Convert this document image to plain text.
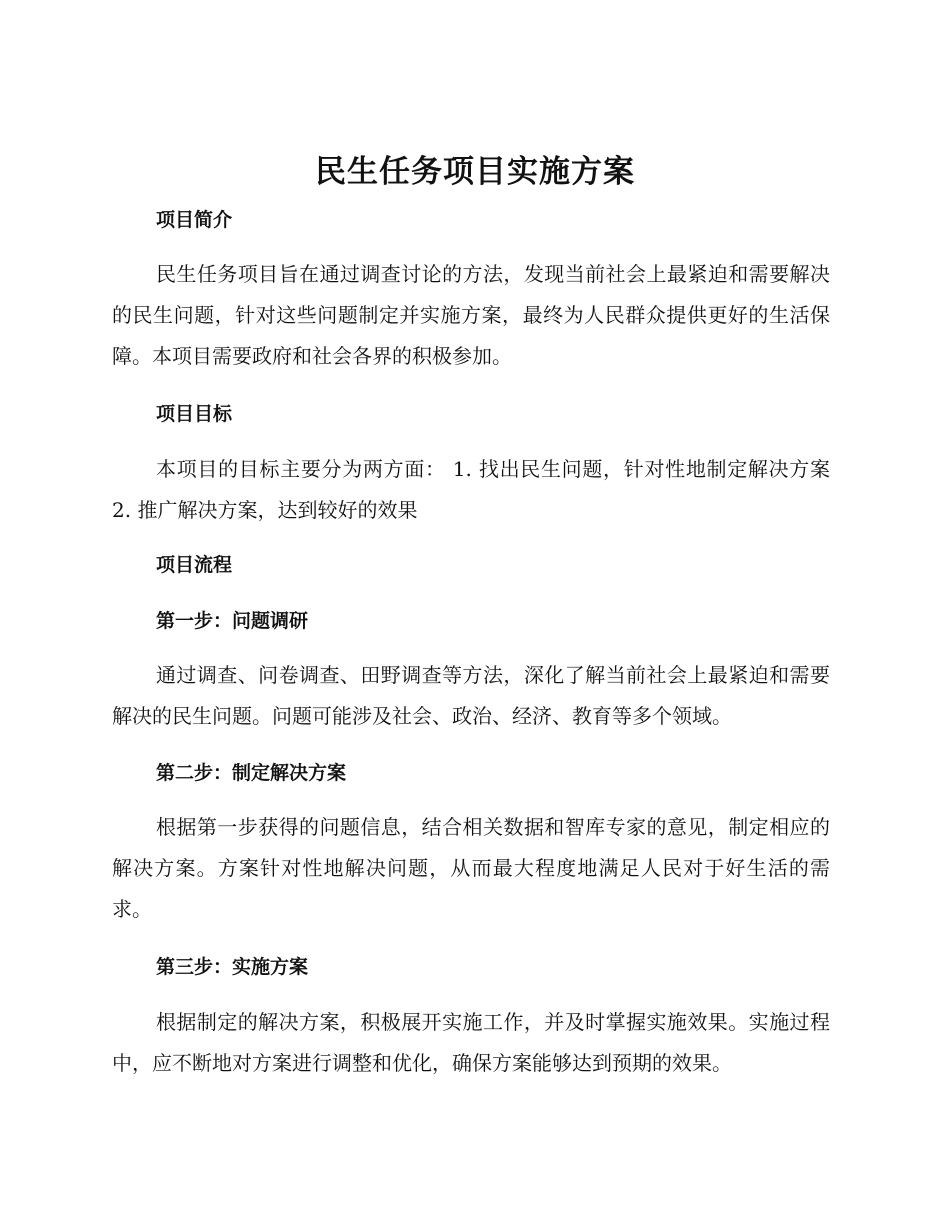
民生任务项目实施方案
项目简介

民生任务项目旨在通过调查讨论的方法，发现当前社会上最紧迫和需要解决的民生问题，针对这些问题制定并实施方案，最终为人民群众提供更好的生活保障。本项目需要政府和社会各界的积极参加。

项目目标

本项目的目标主要分为两方面： 1. 找出民生问题，针对性地制定解决方案 2. 推广解决方案，达到较好的效果

项目流程
第一步：问题调研

通过调查、问卷调查、田野调查等方法，深化了解当前社会上最紧迫和需要解决的民生问题。问题可能涉及社会、政治、经济、教育等多个领域。

第二步：制定解决方案

根据第一步获得的问题信息，结合相关数据和智库专家的意见，制定相应的解决方案。方案针对性地解决问题，从而最大程度地满足人民对于好生活的需求。

第三步：实施方案

根据制定的解决方案，积极展开实施工作，并及时掌握实施效果。实施过程中，应不断地对方案进行调整和优化，确保方案能够达到预期的效果。
